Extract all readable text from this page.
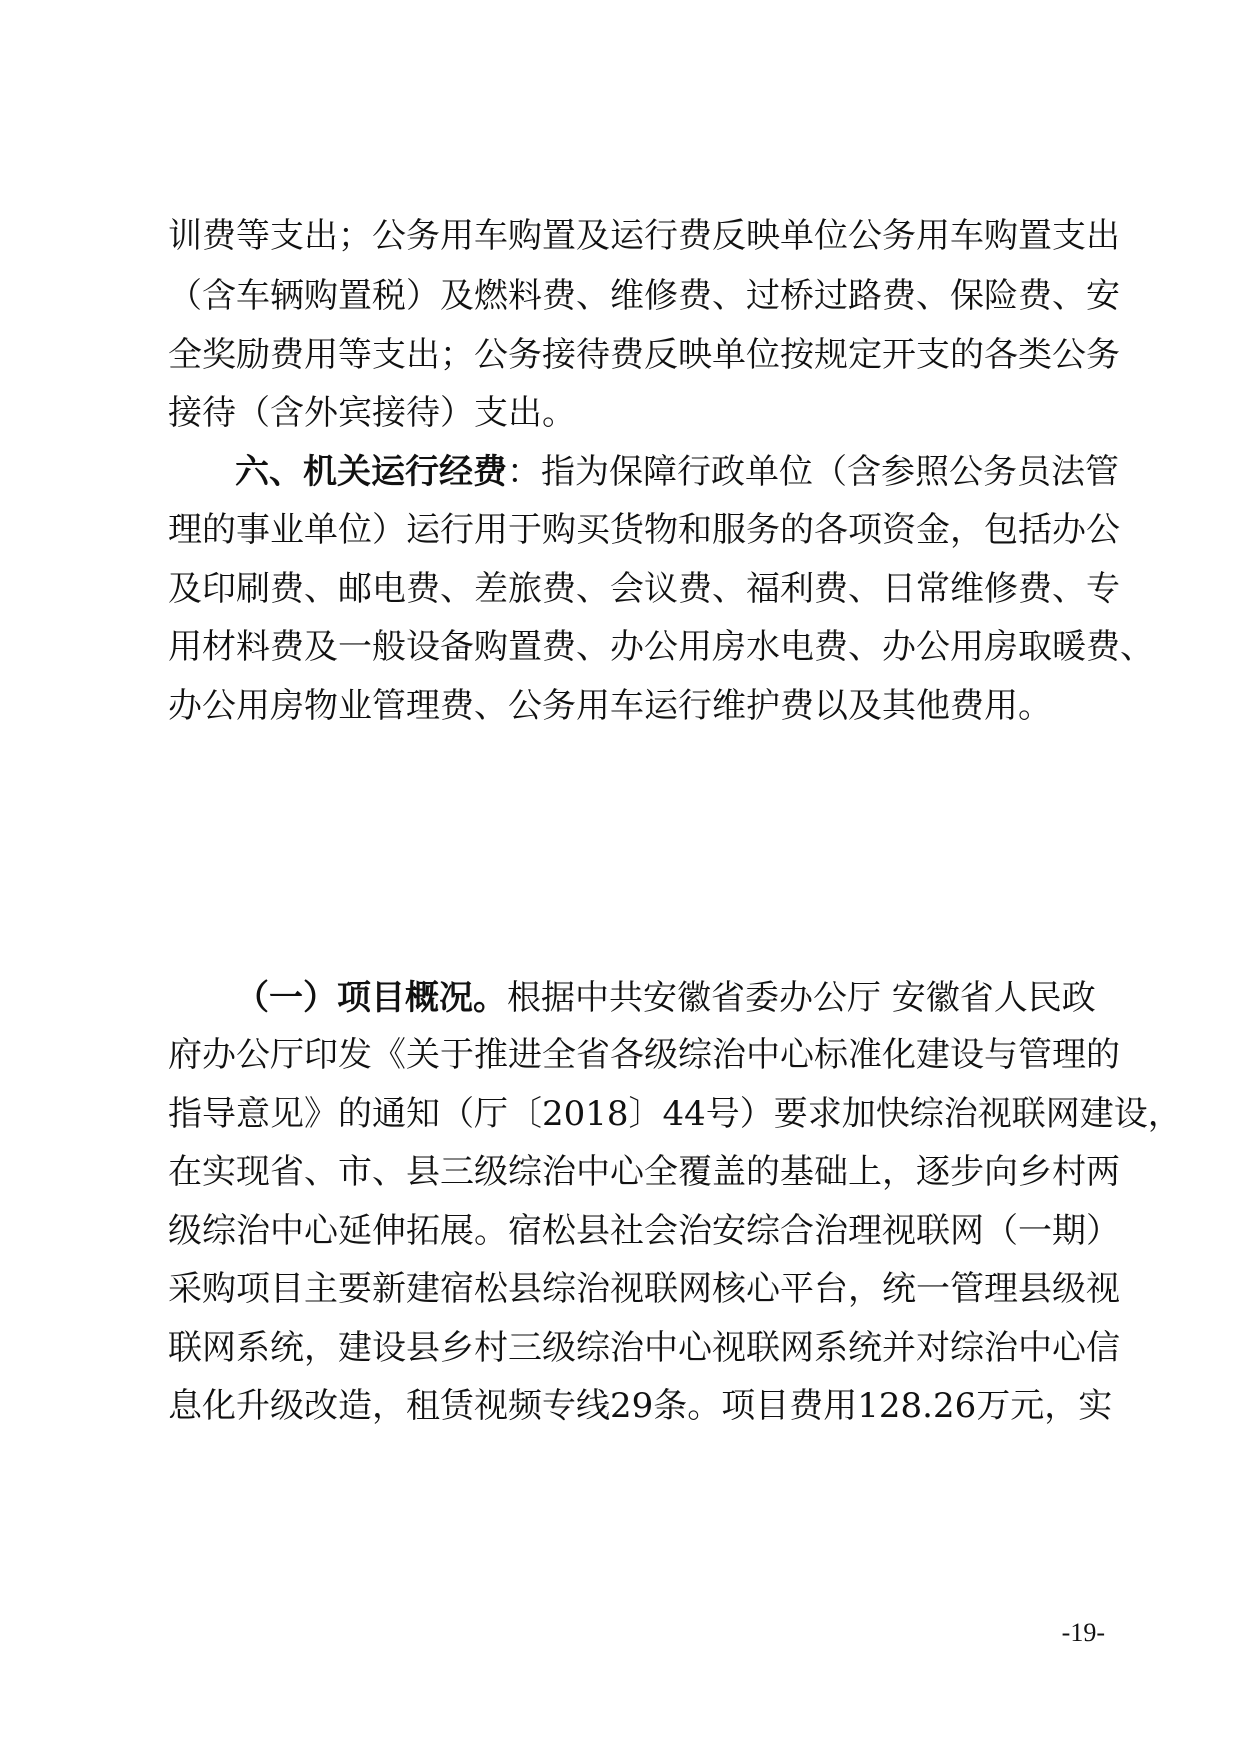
训费等支出；公务用车购置及运行费反映单位公务用车购置支出
（含车辆购置税）及燃料费、维修费、过桥过路费、保险费、安
全奖励费用等支出；公务接待费反映单位按规定开支的各类公务
接待（含外宾接待）支出。
六、机关运行经费：指为保障行政单位（含参照公务员法管
理的事业单位）运行用于购买货物和服务的各项资金，包括办公
及印刷费、邮电费、差旅费、会议费、福利费、日常维修费、专
用材料费及一般设备购置费、办公用房水电费、办公用房取暖费、
办公用房物业管理费、公务用车运行维护费以及其他费用。
（一）项目概况。根据中共安徽省委办公厅 安徽省人民政
府办公厅印发《关于推进全省各级综治中心标准化建设与管理的
指导意见》的通知（厅〔2018〕44号）要求加快综治视联网建设，
在实现省、市、县三级综治中心全覆盖的基础上，逐步向乡村两
级综治中心延伸拓展。宿松县社会治安综合治理视联网（一期）
采购项目主要新建宿松县综治视联网核心平台，统一管理县级视
联网系统，建设县乡村三级综治中心视联网系统并对综治中心信
息化升级改造，租赁视频专线29条。项目费用128.26万元，实
-19-
